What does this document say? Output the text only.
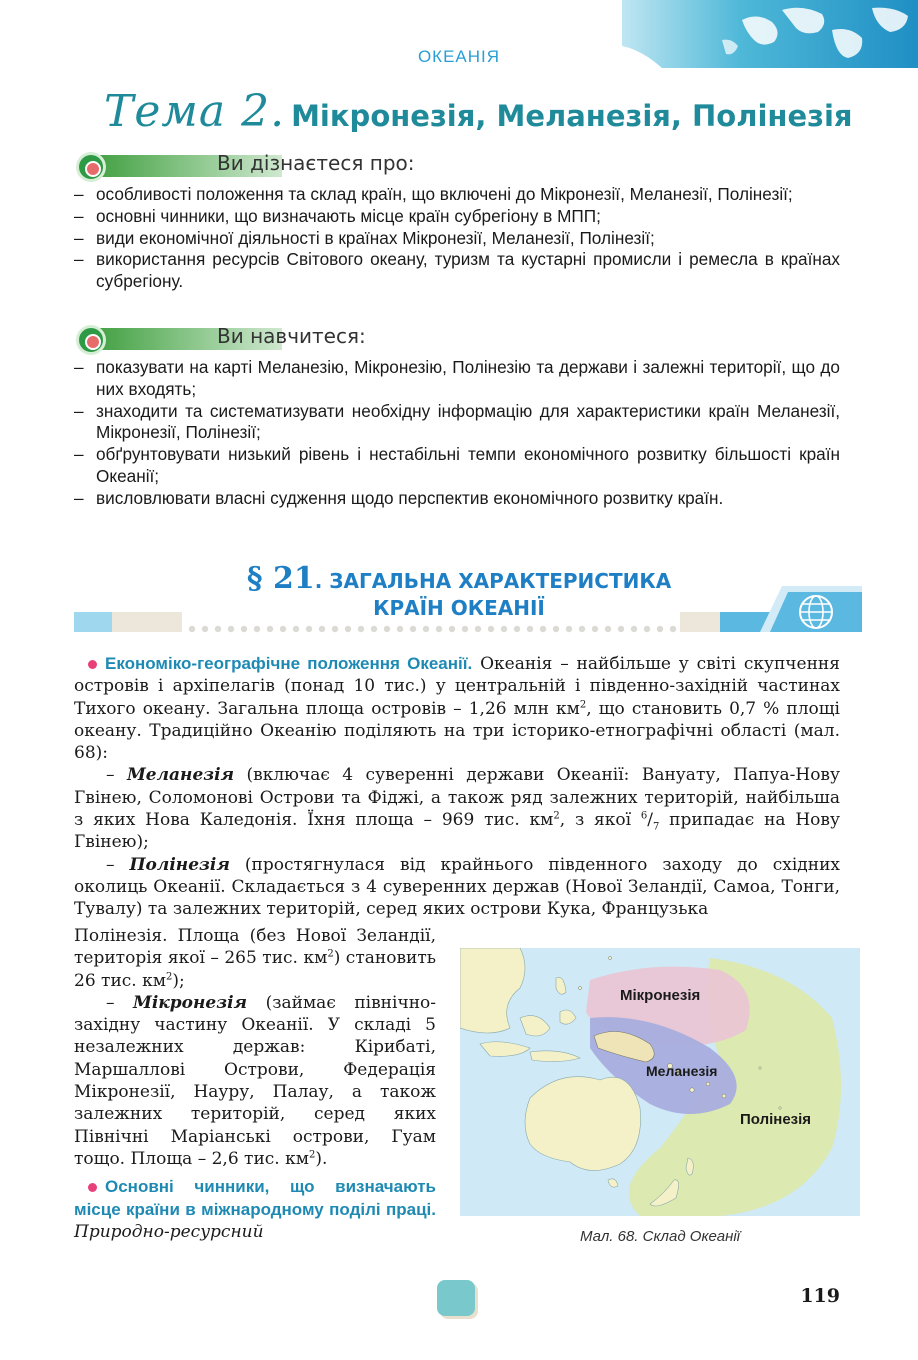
ОКЕАНІЯ
Тема 2. Мікронезія, Меланезія, Полінезія
Ви дізнаєтеся про:
– особливості положення та склад країн, що включені до Мікронезії, Меланезії, Полінезії;
– основні чинники, що визначають місце країн субрегіону в МПП;
– види економічної діяльності в країнах Мікронезії, Меланезії, Полінезії;
– використання ресурсів Світового океану, туризм та кустарні промисли і ремесла в країнах субрегіону.
Ви навчитеся:
– показувати на карті Меланезію, Мікронезію, Полінезію та держави і залежні території, що до них входять;
– знаходити та систематизувати необхідну інформацію для характеристики країн Меланезії, Мікронезії, Полінезії;
– обґрунтовувати низький рівень і нестабільні темпи економічного розвитку більшості країн Океанії;
– висловлювати власні судження щодо перспектив економічного розвитку країн.
§ 21. ЗАГАЛЬНА ХАРАКТЕРИСТИКА
КРАЇН ОКЕАНІЇ

Економіко-географічне положення Океанії. Океанія – найбільше у світі скупчення островів і архіпелагів (понад 10 тис.) у центральній і південно-західній частинах Тихого океану. Загальна площа островів – 1,26 млн $км^2$, що становить 0,7 % площі океану. Традиційно Океанію поділяють на три історико-етнографічні області (мал. 68):

– Меланезія (включає 4 суверенні держави Океанії: Вануату, Папуа-Нову Гвінею, Соломонові Острови та Фіджі, а також ряд залежних територій, найбільша з яких Нова Каледонія. Їхня площа – 969 тис. $км^2$, з якої $^6/_7$ припадає на Нову Гвінею);

– Полінезія (простягнулася від крайнього південного заходу до східних околиць Океанії. Складається з 4 суверенних держав (Нової Зеландії, Самоа, Тонги, Тувалу) та залежних територій, серед яких острови Кука, Французька

Полінезія. Площа (без Нової Зеландії, територія якої – 265 тис. $км^2$) становить 26 тис. $км^2$);

– Мікронезія (займає північно-західну частину Океанії. У складі 5 незалежних держав: Кірибаті, Маршаллові Острови, Федерація Мікронезії, Науру, Палау, а також залежних територій, серед яких Північні Маріанські острови, Гуам тощо. Площа – 2,6 тис. $км^2$).

Основні чинники, що визначають місце країни в міжнародному поділі праці. Природно-ресурсний

Мікронезія
Меланезія
Полінезія
Мал. 68. Склад Океанії
119
